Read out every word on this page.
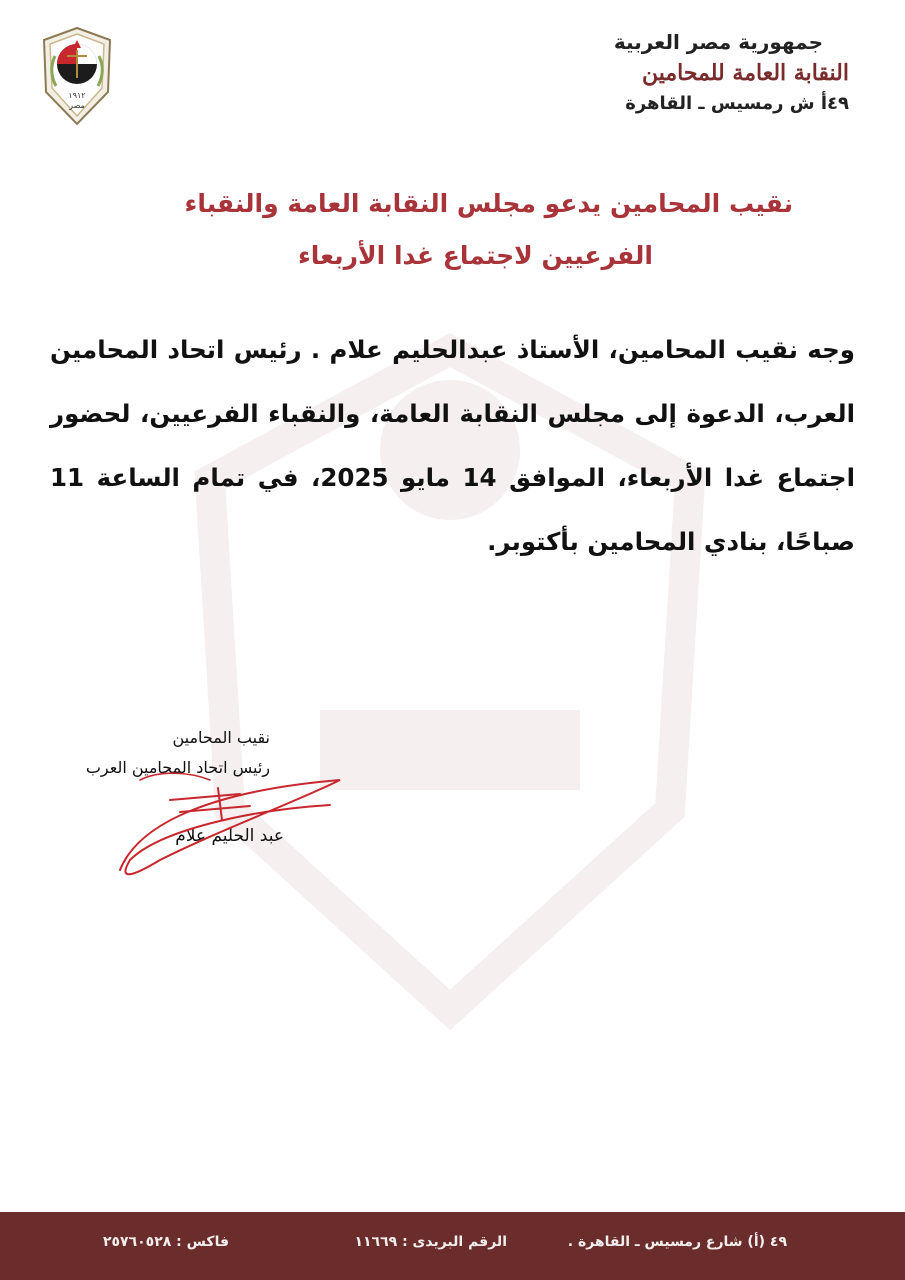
١٩١٢
مصر
جمهورية مصر العربية
النقابة العامة للمحامين
٤٩أ ش رمسيس ـ القاهرة
نقيب المحامين يدعو مجلس النقابة العامة والنقباء
الفرعيين لاجتماع غدا الأربعاء
وجه نقيب المحامين، الأستاذ عبدالحليم علام . رئيس اتحاد المحامين العرب، الدعوة إلى مجلس النقابة العامة، والنقباء الفرعيين، لحضور اجتماع غدا الأربعاء، الموافق 14 مايو 2025، في تمام الساعة 11 صباحًا، بنادي المحامين بأكتوبر.
نقيب المحامين
رئيس اتحاد المحامين العرب
عبد الحليم علام
٤٩ (أ) شارع رمسيس ـ القاهرة .
الرقم البريدى : ١١٦٦٩
فاكس : ٢٥٧٦٠٥٢٨
